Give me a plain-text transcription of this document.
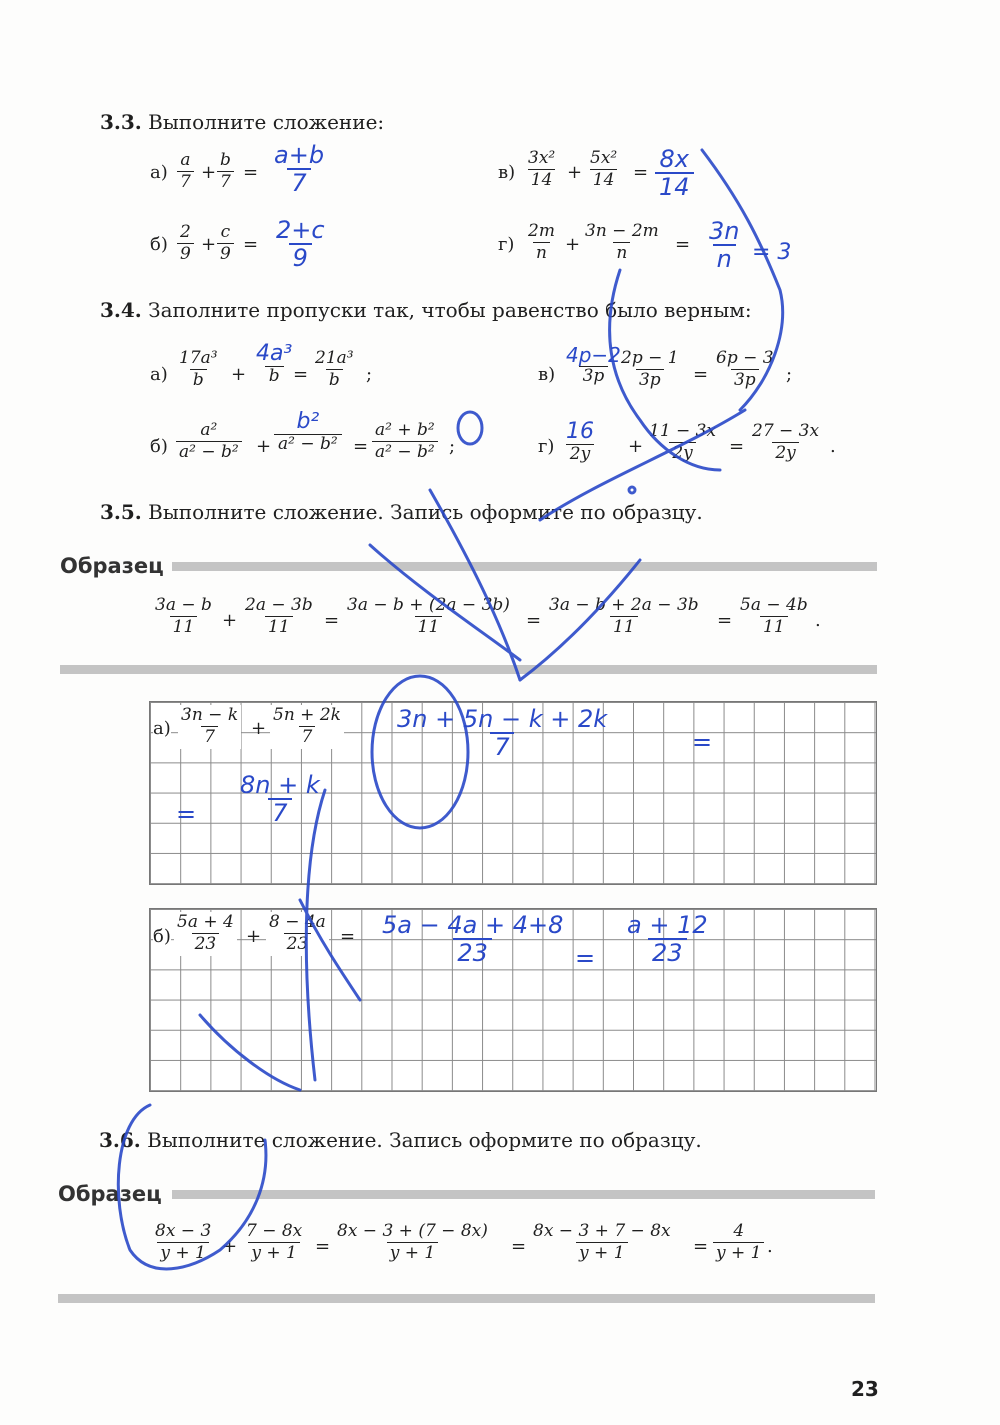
3.3. Выполните сложение:
$а) \frac{a}{7} + \frac{b}{7} = \frac{a+b}{7}$
$б) \frac{2}{9} + \frac{c}{9} = \frac{2+c}{9}$
$в) \frac{\text{3x²}}{14} + \frac{\text{5x²}}{14} = \frac{8x}{14}$
$г) \frac{2m}{n} + \frac{3n - 2m}{n} = \frac{3n}{n} = 3$
3.4. Заполните пропуски так, чтобы равенство было верным:
$а) \frac{\text{17a³}}{b}$ +
4a³
$b = \frac{\text{21a³}}{b}$ ;
$б) \frac{\text{a²}}{\text{a² − b²}}$ +
b²
$a^2 - b^2 = \frac{\text{a² + b²}}{\text{a² − b²}}$ ;
$в) \frac{4p-2}{3p}$
$\frac{2p - 1}{3p} = \frac{6p - 3}{3p}$ ;
г)
16
$2y + \frac{11 - 3x}{2y} = \frac{27 - 3x}{2y}$ .
3.5. Выполните сложение. Запись оформите по образцу.
Образец
$\frac{3a - b}{11} + \frac{2a - 3b}{11} = \frac{3a - b + (2a - 3b)}{11} = \frac{3a - b + 2a - 3b}{11} = \frac{5a - 4b}{11}$ .
$а) \frac{3n - k}{7} + \frac{5n + 2k}{7} \frac{3n + 5n - k + 2k}{7}$	=
= $\frac{8n + k}{7}$
$б) \frac{5a + 4}{23} + \frac{8 - 4a}{23} = \frac{5a - 4a + 4+8}{23} = \frac{a + 12}{23}$
3.6. Выполните сложение. Запись оформите по образцу.
Образец
$\frac{8x - 3}{y + 1} + \frac{7 - 8x}{y + 1} = \frac{8x - 3 + (7 - 8x)}{y + 1} = \frac{8x - 3 + 7 - 8x}{y + 1} = \frac{4}{y + 1}$ .
23
